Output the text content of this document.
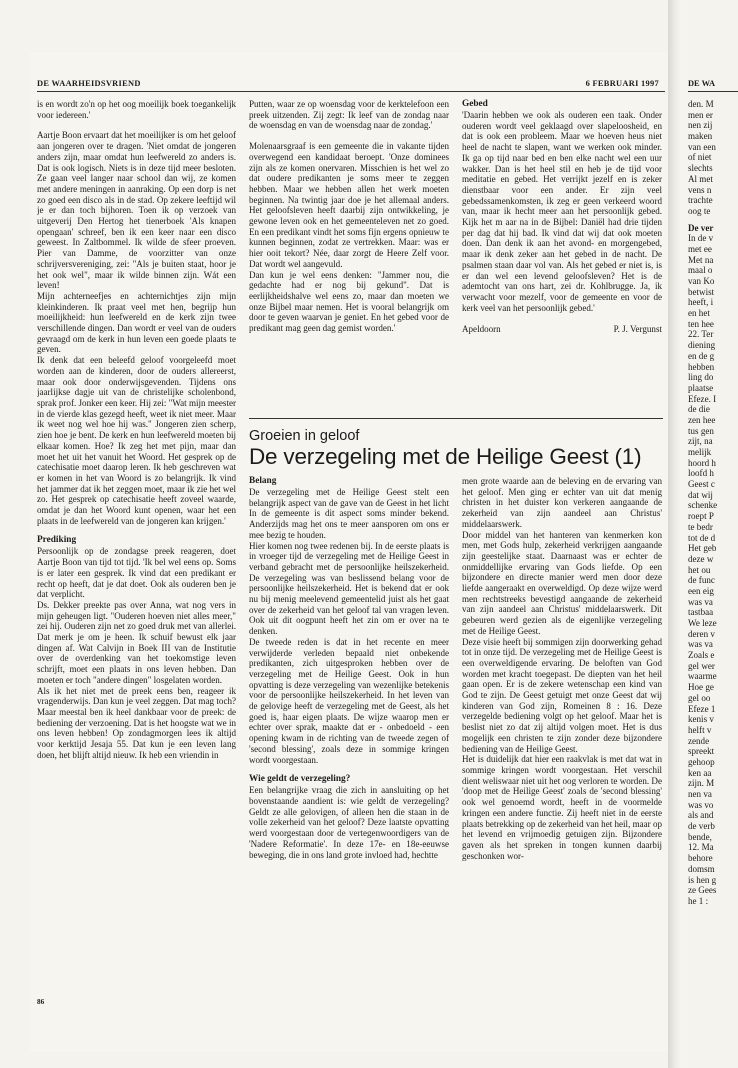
DE WAARHEIDSVRIEND	6 FEBRUARI 1997

is en wordt zo'n op het oog moeilijk boek toegankelijk voor iedereen.'

Aartje Boon ervaart dat het moeilijker is om het geloof aan jongeren over te dragen. 'Niet omdat de jongeren anders zijn, maar omdat hun leefwereld zo anders is. Dat is ook logisch. Niets is in deze tijd meer besloten. Ze gaan veel langer naar school dan wij, ze komen met andere meningen in aanraking. Op een dorp is net zo goed een disco als in de stad. Op zekere leeftijd wil je er dan toch bijhoren. Toen ik op verzoek van uitgeverij Den Hertog het tienerboek 'Als knapen opengaan' schreef, ben ik een keer naar een disco geweest. In Zaltbommel. Ik wilde de sfeer proeven. Pier van Damme, de voorzitter van onze schrijversvereniging, zei: "Als je buiten staat, hoor je het ook wel", maar ik wilde binnen zijn. Wát een leven!

Mijn achterneefjes en achternichtjes zijn mijn kleinkinderen. Ik praat veel met hen, begrijp hun moeilijkheid: hun leefwereld en de kerk zijn twee verschillende dingen. Dan wordt er veel van de ouders gevraagd om de kerk in hun leven een goede plaats te geven.

Ik denk dat een beleefd geloof voorgeleefd moet worden aan de kinderen, door de ouders allereerst, maar ook door onderwijsgevenden. Tijdens ons jaarlijkse dagje uit van de christelijke scholenbond, sprak prof. Jonker een keer. Hij zei: "Wat mijn meester in de vierde klas gezegd heeft, weet ik niet meer. Maar ik weet nog wel hoe hij was." Jongeren zien scherp, zien hoe je bent. De kerk en hun leefwereld moeten bij elkaar komen. Hoe? Ik zeg het met pijn, maar dan moet het uit het vanuit het Woord. Het gesprek op de catechisatie moet daarop leren. Ik heb geschreven wat er komen in het van Woord is zo belangrijk. Ik vind het jammer dat ik het zeggen moet, maar ik zie het wel zo. Het gesprek op catechisatie heeft zoveel waarde, omdat je dan het Woord kunt openen, waar het een plaats in de leefwereld van de jongeren kan krijgen.'

Prediking

Persoonlijk op de zondagse preek reageren, doet Aartje Boon van tijd tot tijd. 'Ik bel wel eens op. Soms is er later een gesprek. Ik vind dat een predikant er recht op heeft, dat je dat doet. Ook als ouderen ben je dat verplicht.

Ds. Dekker preekte pas over Anna, wat nog vers in mijn geheugen ligt. "Ouderen hoeven niet alles meer," zei hij. Ouderen zijn net zo goed druk met van allerlei. Dat merk je om je heen. Ik schuif bewust elk jaar dingen af. Wat Calvijn in Boek III van de Institutie over de overdenking van het toekomstige leven schrijft, moet een plaats in ons leven hebben. Dan moeten er toch "andere dingen" losgelaten worden.

Als ik het niet met de preek eens ben, reageer ik vragenderwijs. Dan kun je veel zeggen. Dat mag toch? Maar meestal ben ik heel dankbaar voor de preek: de bediening der verzoening. Dat is het hoogste wat we in ons leven hebben! Op zondagmorgen lees ik altijd voor kerktijd Jesaja 55. Dat kun je een leven lang doen, het blijft altijd nieuw. Ik heb een vriendin in

Putten, waar ze op woensdag voor de kerktelefoon een preek uitzenden. Zij zegt: Ik leef van de zondag naar de woensdag en van de woensdag naar de zondag.'

Molenaarsgraaf is een gemeente die in vakante tijden overwegend een kandidaat beroept. 'Onze dominees zijn als ze komen onervaren. Misschien is het wel zo dat oudere predikanten je soms meer te zeggen hebben. Maar we hebben allen het werk moeten beginnen. Na twintig jaar doe je het allemaal anders. Het geloofsleven heeft daarbij zijn ontwikkeling, je gewone leven ook en het gemeenteleven net zo goed. En een predikant vindt het soms fijn ergens opnieuw te kunnen beginnen, zodat ze vertrekken. Maar: was er hier ooit tekort? Née, daar zorgt de Heere Zelf voor. Dat wordt wel aangevuld.

Dan kun je wel eens denken: "Jammer nou, die gedachte had er nog bij gekund". Dat is eerlijkheidshalve wel eens zo, maar dan moeten we onze Bijbel maar nemen. Het is vooral belangrijk om door te geven waarvan je geniet. En het gebed voor de predikant mag geen dag gemist worden.'

Gebed

'Daarin hebben we ook als ouderen een taak. Onder ouderen wordt veel geklaagd over slapeloosheid, en dat is ook een probleem. Maar we hoeven heus niet heel de nacht te slapen, want we werken ook minder. Ik ga op tijd naar bed en ben elke nacht wel een uur wakker. Dan is het heel stil en heb je de tijd voor meditatie en gebed. Het verrijkt jezelf en is zeker dienstbaar voor een ander. Er zijn veel gebedssamenkomsten, ik zeg er geen verkeerd woord van, maar ik hecht meer aan het persoonlijk gebed. Kijk het m aar na in de Bijbel: Daniël had drie tijden per dag dat hij bad. Ik vind dat wij dat ook moeten doen. Dan denk ik aan het avond- en morgengebed, maar ik denk zeker aan het gebed in de nacht. De psalmen staan daar vol van. Als het gebed er niet is, is er dan wel een levend geloofsleven? Het is de ademtocht van ons hart, zei dr. Kohlbrugge. Ja, ik verwacht voor mezelf, voor de gemeente en voor de kerk veel van het persoonlijk gebed.'

Apeldoorn	P. J. Vergunst
Groeien in geloof
De verzegeling met de Heilige Geest (1)
Belang

De verzegeling met de Heilige Geest stelt een belangrijk aspect van de gave van de Geest in het licht In de gemeente is dit aspect soms minder bekend. Anderzijds mag het ons te meer aansporen om ons er mee bezig te houden.

Hier komen nog twee redenen bij. In de eerste plaats is in vroeger tijd de verzegeling met de Heilige Geest in verband gebracht met de persoonlijke heilszekerheid. De verzegeling was van beslissend belang voor de persoonlijke heilszekerheid. Het is bekend dat er ook nu bij menig meelevend gemeentelid juist als het gaat over de zekerheid van het geloof tal van vragen leven. Ook uit dit oogpunt heeft het zin om er over na te denken.

De tweede reden is dat in het recente en meer verwijderde verleden bepaald niet onbekende predikanten, zich uitgesproken hebben over de verzegeling met de Heilige Geest. Ook in hun opvatting is deze verzegeling van wezenlijke betekenis voor de persoonlijke heilszekerheid. In het leven van de gelovige heeft de verzegeling met de Geest, als het goed is, haar eigen plaats. De wijze waarop men er echter over sprak, maakte dat er - onbedoeld - een opening kwam in de richting van de tweede zegen of 'second blessing', zoals deze in sommige kringen wordt voorgestaan.

Wie geldt de verzegeling?

Een belangrijke vraag die zich in aansluiting op het bovenstaande aandient is: wie geldt de verzegeling? Geldt ze alle gelovigen, of alleen hen die staan in de volle zekerheid van het geloof? Deze laatste opvatting werd voorgestaan door de vertegenwoordigers van de 'Nadere Reformatie'. In deze 17e- en 18e-eeuwse beweging, die in ons land grote invloed had, hechtte

men grote waarde aan de beleving en de ervaring van het geloof. Men ging er echter van uit dat menig christen in het duister kon verkeren aangaande de zekerheid van zijn aandeel aan Christus' middelaarswerk.

Door middel van het hanteren van kenmerken kon men, met Gods hulp, zekerheid verkrijgen aangaande zijn geestelijke staat. Daarnaast was er echter de onmiddellijke ervaring van Gods liefde. Op een bijzondere en directe manier werd men door deze liefde aangeraakt en overweldigd. Op deze wijze werd men rechtstreeks bevestigd aangaande de zekerheid van zijn aandeel aan Christus' middelaarswerk. Dit gebeuren werd gezien als de eigenlijke verzegeling met de Heilige Geest.

Deze visie heeft bij sommigen zijn doorwerking gehad tot in onze tijd. De verzegeling met de Heilige Geest is een overweldigende ervaring. De beloften van God worden met kracht toegepast. De diepten van het heil gaan open. Er is de zekere wetenschap een kind van God te zijn. De Geest getuigt met onze Geest dat wij kinderen van God zijn, Romeinen 8 : 16. Deze verzegelde bediening volgt op het geloof. Maar het is beslist niet zo dat zij altijd volgen moet. Het is dus mogelijk een christen te zijn zonder deze bijzondere bediening van de Heilige Geest.

Het is duidelijk dat hier een raakvlak is met dat wat in sommige kringen wordt voorgestaan. Het verschil dient weliswaar niet uit het oog verloren te worden. De 'doop met de Heilige Geest' zoals de 'second blessing' ook wel genoemd wordt, heeft in de voormelde kringen een andere functie. Zij heeft niet in de eerste plaats betrekking op de zekerheid van het heil, maar op het levend en vrijmoedig getuigen zijn. Bijzondere gaven als het spreken in tongen kunnen daarbij geschonken wor-

86
DE WA
den. M
men er
nen zij
maken
van een
of niet
slechts
Al met
vens n
trachte
oog te
De ver
In de v
met ee
Met na
maal o
van Ko
betwist
heeft, i
en het
ten hee
22. Ter
diening
en de g
hebben
ling do
plaatse
Efeze. I
de die
zen hee
tus gen
zijt, na
melijk
hoord h
loofd h
Geest c
dat wij
schenke
roept P
te bedr
tot de d
Het geb
deze w
het ou
de func
een eig
was va
tastbaa
We leze
deren v
was va
Zoals e
gel wer
waarme
Hoe ge
gel oo
Efeze 1
kenis v
helft v
zende
spreekt
gehoop
ken aa
zijn. M
nen va
was vo
als and
de verb
bende,
12. Ma
behore
domsm
is hen g
ze Gees
he 1 :
